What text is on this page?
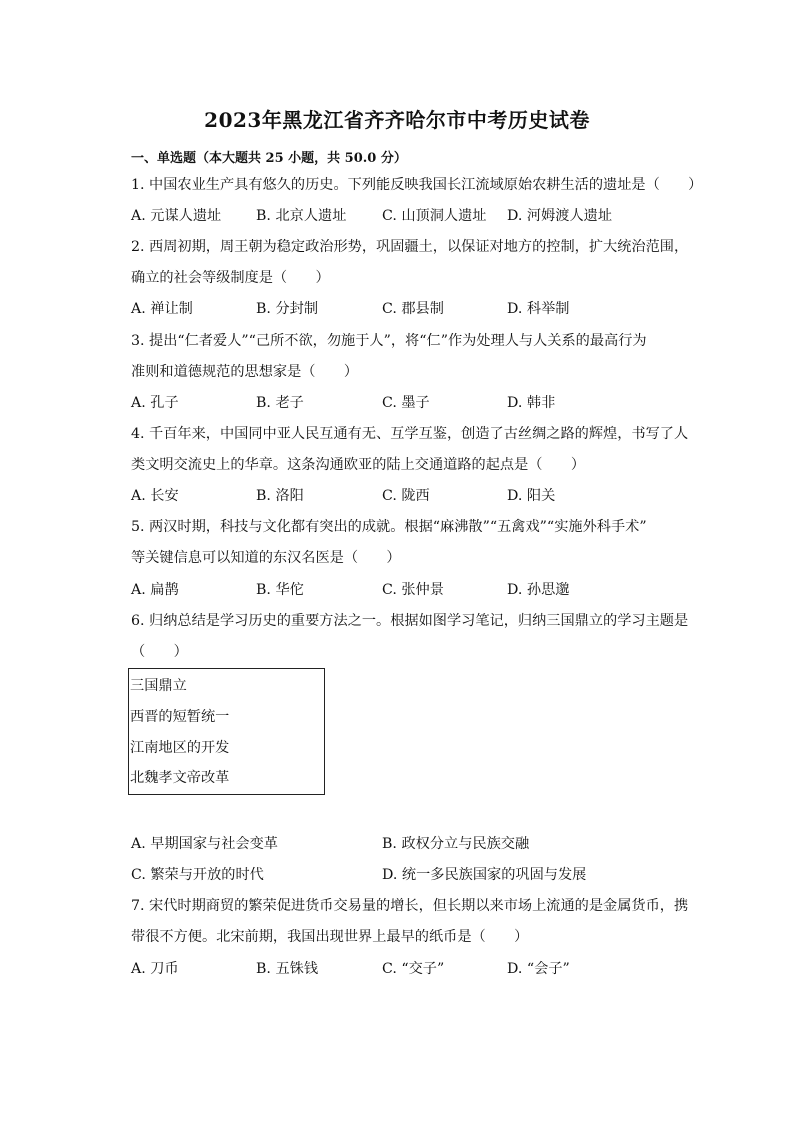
2023年黑龙江省齐齐哈尔市中考历史试卷
一、单选题（本大题共 25 小题，共 50.0 分）
1. 中国农业生产具有悠久的历史。下列能反映我国长江流域原始农耕生活的遗址是（　　）
A. 元谋人遗址 B. 北京人遗址	C. 山顶洞人遗址 D. 河姆渡人遗址
2. 西周初期，周王朝为稳定政治形势，巩固疆土，以保证对地方的控制，扩大统治范围，
确立的社会等级制度是（　　）
A. 禅让制	B. 分封制	C. 郡县制	D. 科举制
3. 提出“仁者爱人”“己所不欲，勿施于人”，将“仁”作为处理人与人关系的最高行为
准则和道德规范的思想家是（　　）
A. 孔子	B. 老子	C. 墨子	D. 韩非
4. 千百年来，中国同中亚人民互通有无、互学互鉴，创造了古丝绸之路的辉煌，书写了人
类文明交流史上的华章。这条沟通欧亚的陆上交通道路的起点是（　　）
A. 长安	B. 洛阳	C. 陇西	D. 阳关
5. 两汉时期，科技与文化都有突出的成就。根据“麻沸散”“五禽戏”“实施外科手术”
等关键信息可以知道的东汉名医是（　　）
A. 扁鹊	B. 华佗	C. 张仲景	D. 孙思邈
6. 归纳总结是学习历史的重要方法之一。根据如图学习笔记，归纳三国鼎立的学习主题是
（　　）
三国鼎立
西晋的短暂统一
江南地区的开发
北魏孝文帝改革
A. 早期国家与社会变革	B. 政权分立与民族交融
C. 繁荣与开放的时代	D. 统一多民族国家的巩固与发展
7. 宋代时期商贸的繁荣促进货币交易量的增长，但长期以来市场上流通的是金属货币，携
带很不方便。北宋前期，我国出现世界上最早的纸币是（　　）
A. 刀币	B. 五铢钱	C. “交子”	D. “会子”
